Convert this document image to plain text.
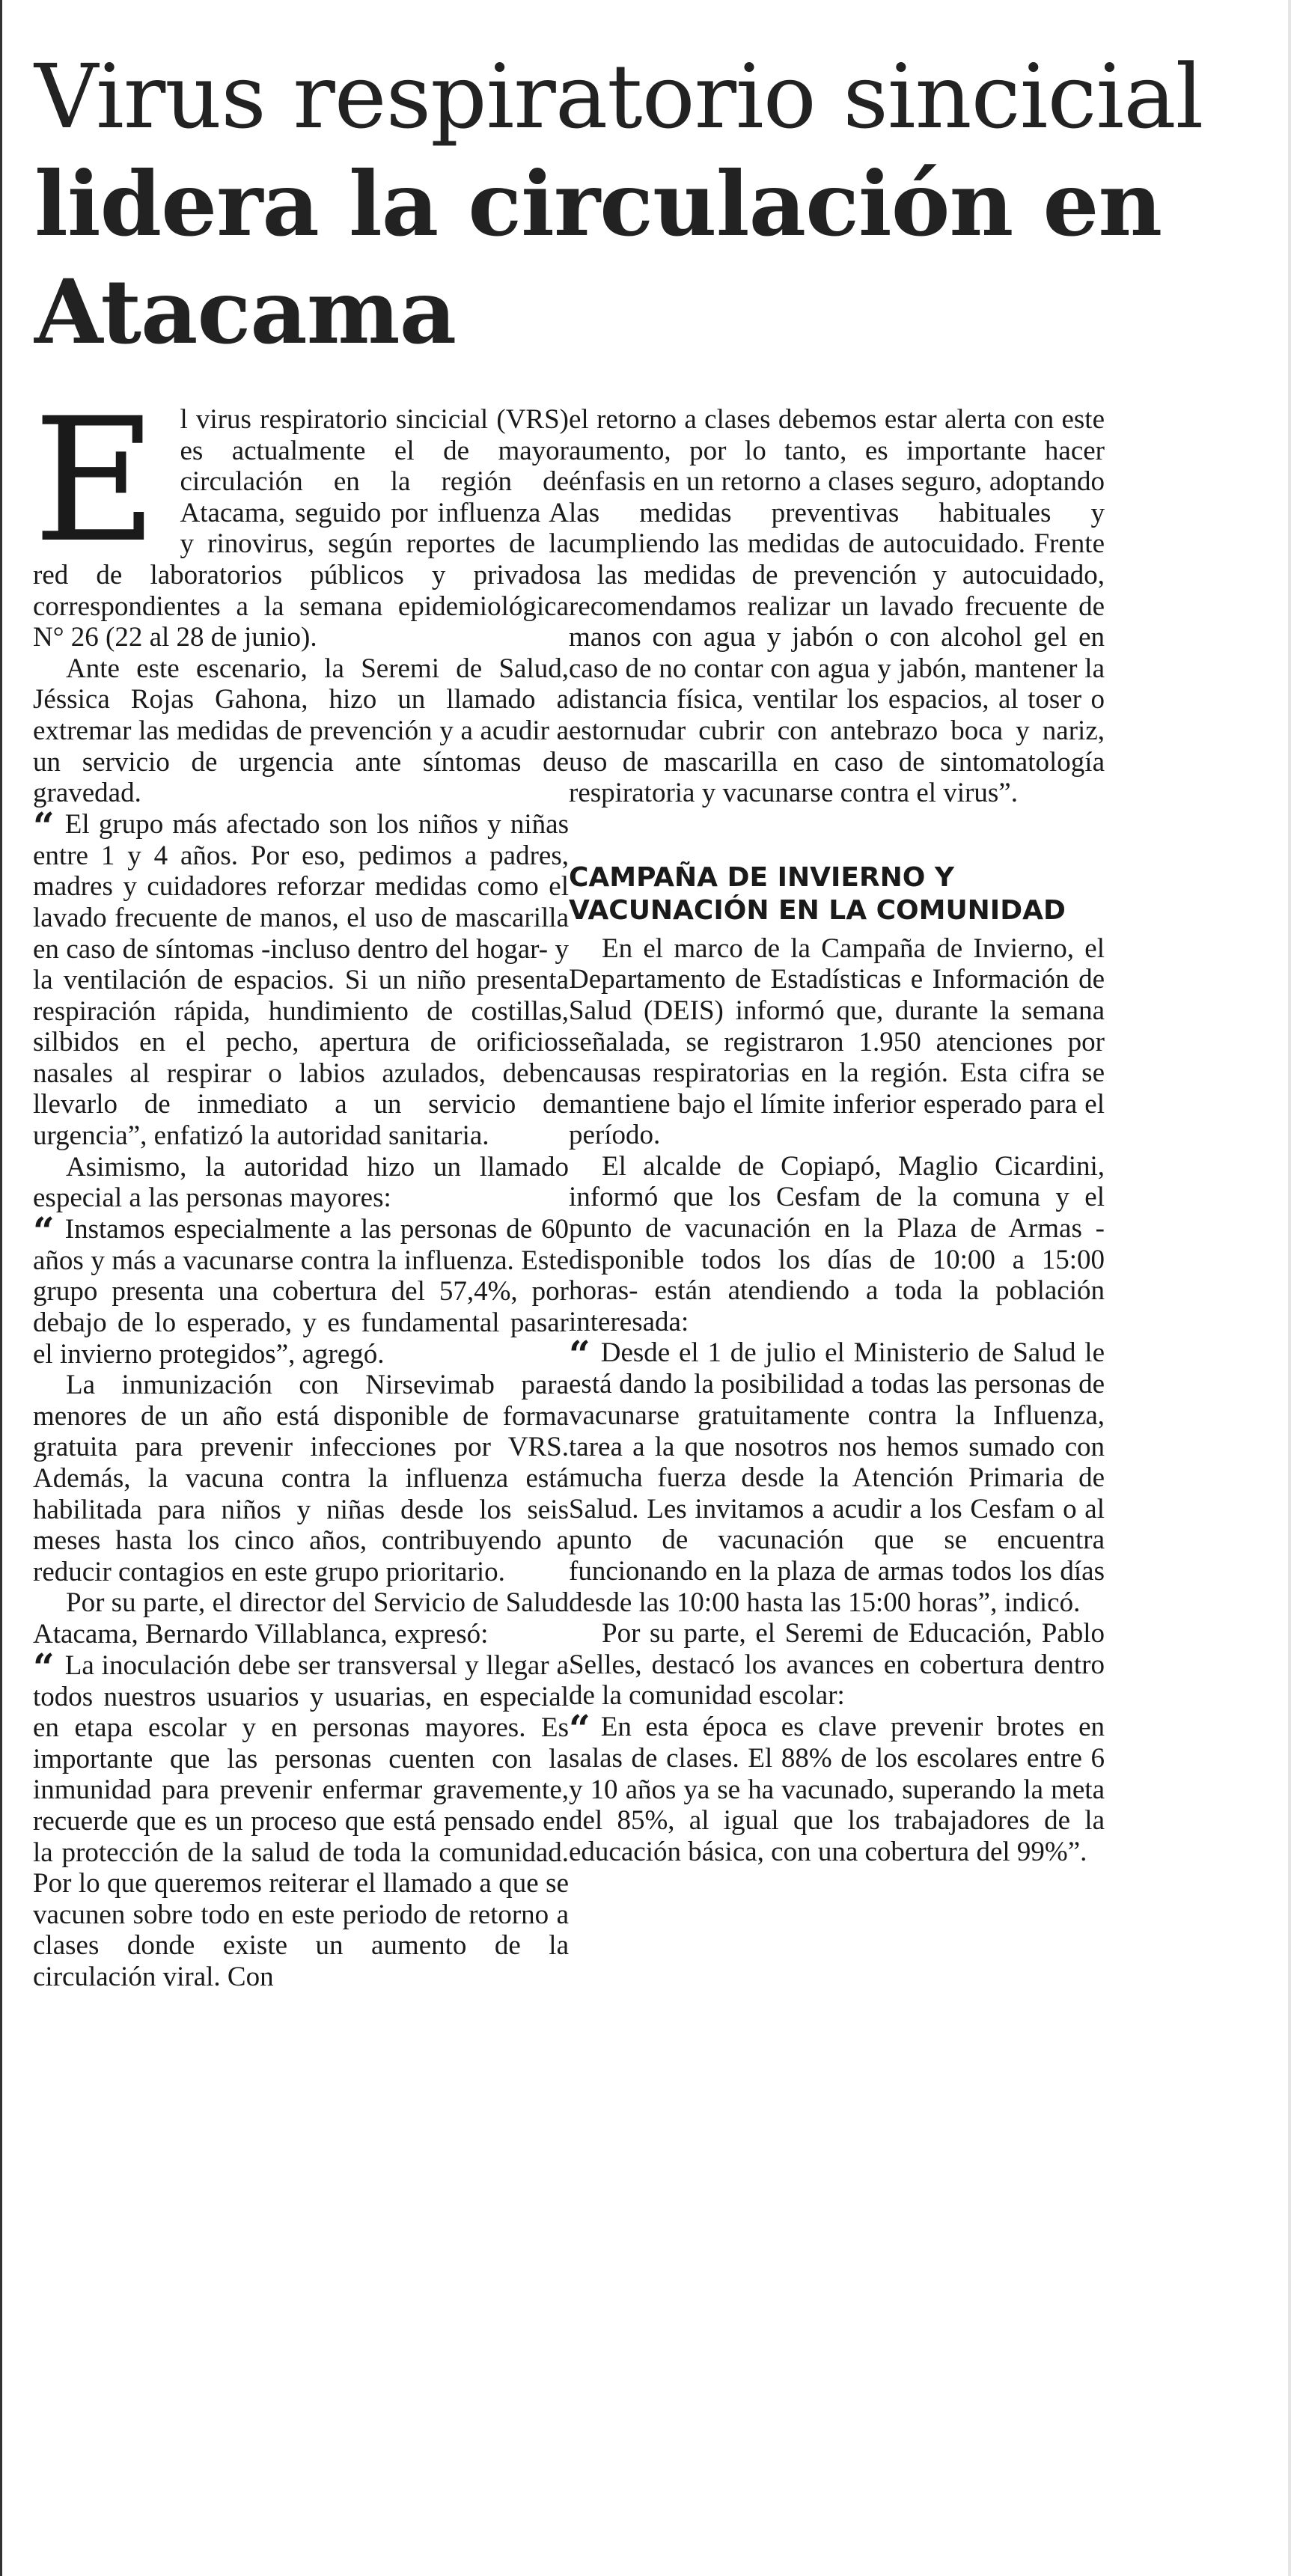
Virus respiratorio sincicial lidera la circulación en Atacama

El virus respiratorio sincicial (VRS) es actualmente el de mayor circulación en la región de Atacama, seguido por influenza A y rinovirus, según reportes de la red de laboratorios públicos y privados correspondientes a la semana epidemiológica N° 26 (22 al 28 de junio).

Ante este escenario, la Seremi de Salud, Jéssica Rojas Gahona, hizo un llamado a extremar las medidas de prevención y a acudir a un servicio de urgencia ante síntomas de gravedad.

“ El grupo más afectado son los niños y niñas entre 1 y 4 años. Por eso, pedimos a padres, madres y cuidadores reforzar medidas como el lavado frecuente de manos, el uso de mascarilla en caso de síntomas -incluso dentro del hogar- y la ventilación de espacios. Si un niño presenta respiración rápida, hundimiento de costillas, silbidos en el pecho, apertura de orificios nasales al respirar o labios azulados, deben llevarlo de inmediato a un servicio de urgencia”, enfatizó la autoridad sanitaria.

Asimismo, la autoridad hizo un llamado especial a las personas mayores:

“ Instamos especialmente a las personas de 60 años y más a vacunarse contra la influenza. Este grupo presenta una cobertura del 57,4%, por debajo de lo esperado, y es fundamental pasar el invierno protegidos”, agregó.

La inmunización con Nirsevimab para menores de un año está disponible de forma gratuita para prevenir infecciones por VRS. Además, la vacuna contra la influenza está habilitada para niños y niñas desde los seis meses hasta los cinco años, contribuyendo a reducir contagios en este grupo prioritario.

Por su parte, el director del Servicio de Salud Atacama, Bernardo Villablanca, expresó:

“ La inoculación debe ser transversal y llegar a todos nuestros usuarios y usuarias, en especial en etapa escolar y en personas mayores. Es importante que las personas cuenten con la inmunidad para prevenir enfermar gravemente, recuerde que es un proceso que está pensado en la protección de la salud de toda la comunidad. Por lo que queremos reiterar el llamado a que se vacunen sobre todo en este periodo de retorno a clases donde existe un aumento de la circulación viral. Con

el retorno a clases debemos estar alerta con este aumento, por lo tanto, es importante hacer énfasis en un retorno a clases seguro, adoptando las medidas preventivas habituales y cumpliendo las medidas de autocuidado. Frente a las medidas de prevención y autocuidado, recomendamos realizar un lavado frecuente de manos con agua y jabón o con alcohol gel en caso de no contar con agua y jabón, mantener la distancia física, ventilar los espacios, al toser o estornudar cubrir con antebrazo boca y nariz, uso de mascarilla en caso de sintomatología respiratoria y vacunarse contra el virus”.

CAMPAÑA DE INVIERNO Y VACUNACIÓN EN LA COMUNIDAD

En el marco de la Campaña de Invierno, el Departamento de Estadísticas e Información de Salud (DEIS) informó que, durante la semana señalada, se registraron 1.950 atenciones por causas respiratorias en la región. Esta cifra se mantiene bajo el límite inferior esperado para el período.

El alcalde de Copiapó, Maglio Cicardini, informó que los Cesfam de la comuna y el punto de vacunación en la Plaza de Armas -disponible todos los días de 10:00 a 15:00 horas- están atendiendo a toda la población interesada:

“ Desde el 1 de julio el Ministerio de Salud le está dando la posibilidad a todas las personas de vacunarse gratuitamente contra la Influenza, tarea a la que nosotros nos hemos sumado con mucha fuerza desde la Atención Primaria de Salud. Les invitamos a acudir a los Cesfam o al punto de vacunación que se encuentra funcionando en la plaza de armas todos los días desde las 10:00 hasta las 15:00 horas”, indicó.

Por su parte, el Seremi de Educación, Pablo Selles, destacó los avances en cobertura dentro de la comunidad escolar:

“ En esta época es clave prevenir brotes en salas de clases. El 88% de los escolares entre 6 y 10 años ya se ha vacunado, superando la meta del 85%, al igual que los trabajadores de la educación básica, con una cobertura del 99%”.
